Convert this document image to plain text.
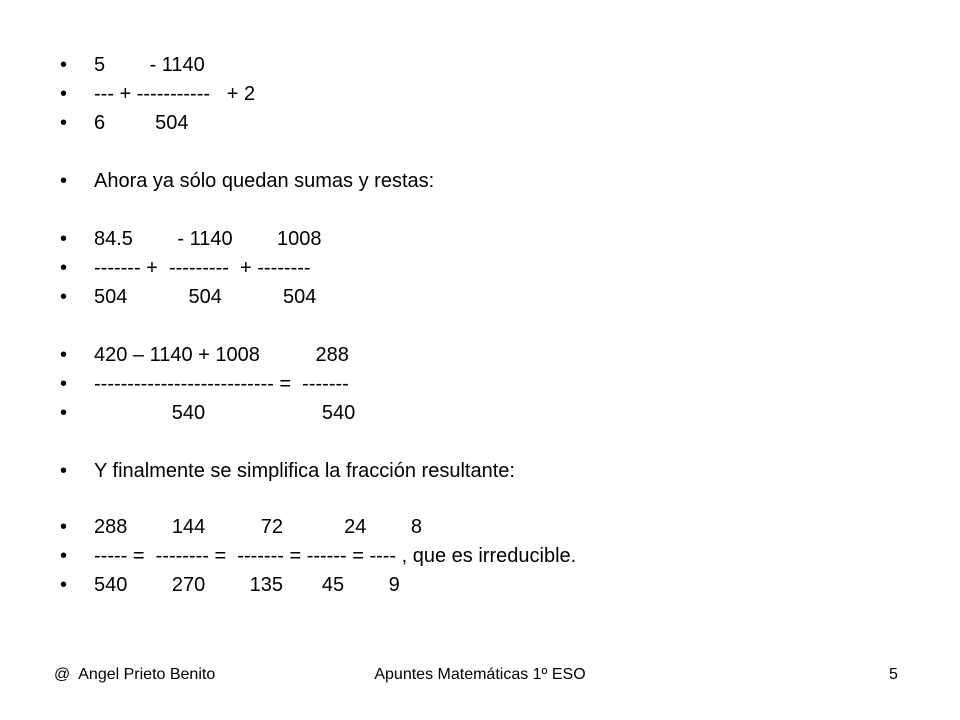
•

	5        - 1140

•

	--- + -----------   + 2

•

	6         504

•

	Ahora ya sólo quedan sumas y restas:

•

	84.5        - 1140        1008

•

	------- +  ---------  + --------

•

	504           504           504

•

	420 – 1140 + 1008          288

•

	--------------------------- =  -------

•

	540                     540

•

	Y finalmente se simplifica la fracción resultante:

•

	288        144          72           24        8

•

	----- =  -------- =  ------- = ------ = ---- , que es irreducible.

•

	540        270        135       45        9

@  Angel Prieto Benito	Apuntes Matemáticas 1º ESO	5
